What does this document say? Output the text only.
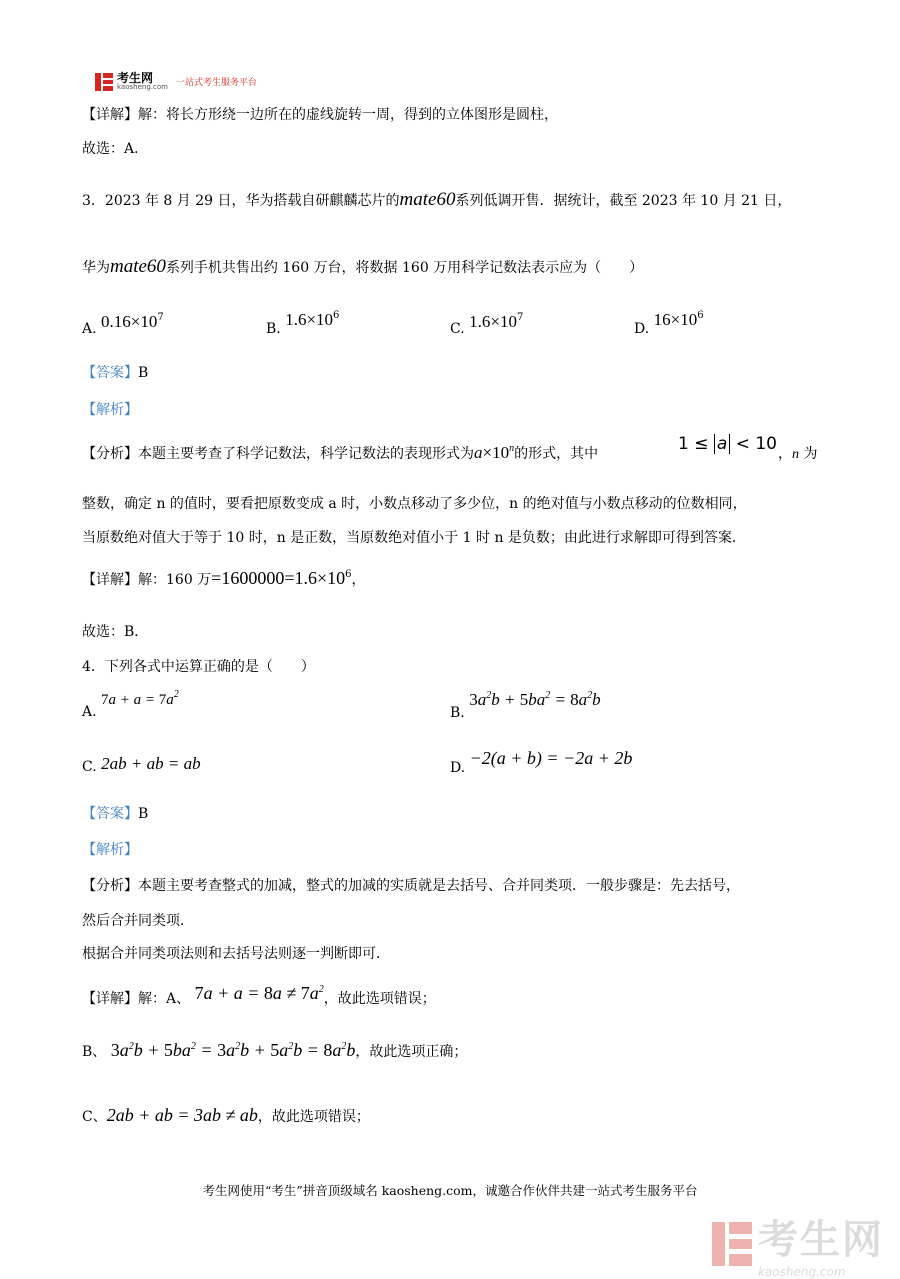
考生网
kaosheng.com 一站式考生服务平台
【详解】解：将长方形绕一边所在的虚线旋转一周，得到的立体图形是圆柱，
故选：A．
3．2023 年 8 月 29 日，华为搭载自研麒麟芯片的mate60系列低调开售．据统计，截至 2023 年 10 月 21 日，
华为mate60系列手机共售出约 160 万台，将数据 160 万用科学记数法表示应为（　　）
A. $0.16\times 10^7$
B. $1.6\times 10^6$
C. $1.6\times 10^7$
D. $16\times 10^6$
【答案】B
【解析】
【分析】本题主要考查了科学记数法，科学记数法的表现形式为$a\times 10^n$的形式，其中	1 ≤ a < 10 ，n 为
整数，确定 n 的值时，要看把原数变成 a 时，小数点移动了多少位，n 的绝对值与小数点移动的位数相同，
当原数绝对值大于等于 10 时，n 是正数，当原数绝对值小于 1 时 n 是负数；由此进行求解即可得到答案．
【详解】解：160 万$=1600000=1.6\times 10^6$，
故选：B．
4．下列各式中运算正确的是（　　）
A. $7a + a = 7a^2$
B. $3a^2b + 5ba^2 = 8a^2b$
C. 2ab + ab = ab	D. −2(a + b) = −2a + 2b
【答案】B
【解析】
【分析】本题主要考查整式的加减，整式的加减的实质就是去括号、合并同类项．一般步骤是：先去括号，
然后合并同类项．
根据合并同类项法则和去括号法则逐一判断即可．
【详解】解：A、 $7a + a = 8a \ne 7a^2$，故此选项错误；
B、 $3a^2b + 5ba^2 = 3a^2b + 5a^2b = 8a^2b$，故此选项正确；
C、2ab + ab = 3ab ≠ ab，故此选项错误；
考生网使用“考生”拼音顶级域名 kaosheng.com，诚邀合作伙伴共建一站式考生服务平台
考生网
kaosheng.com
